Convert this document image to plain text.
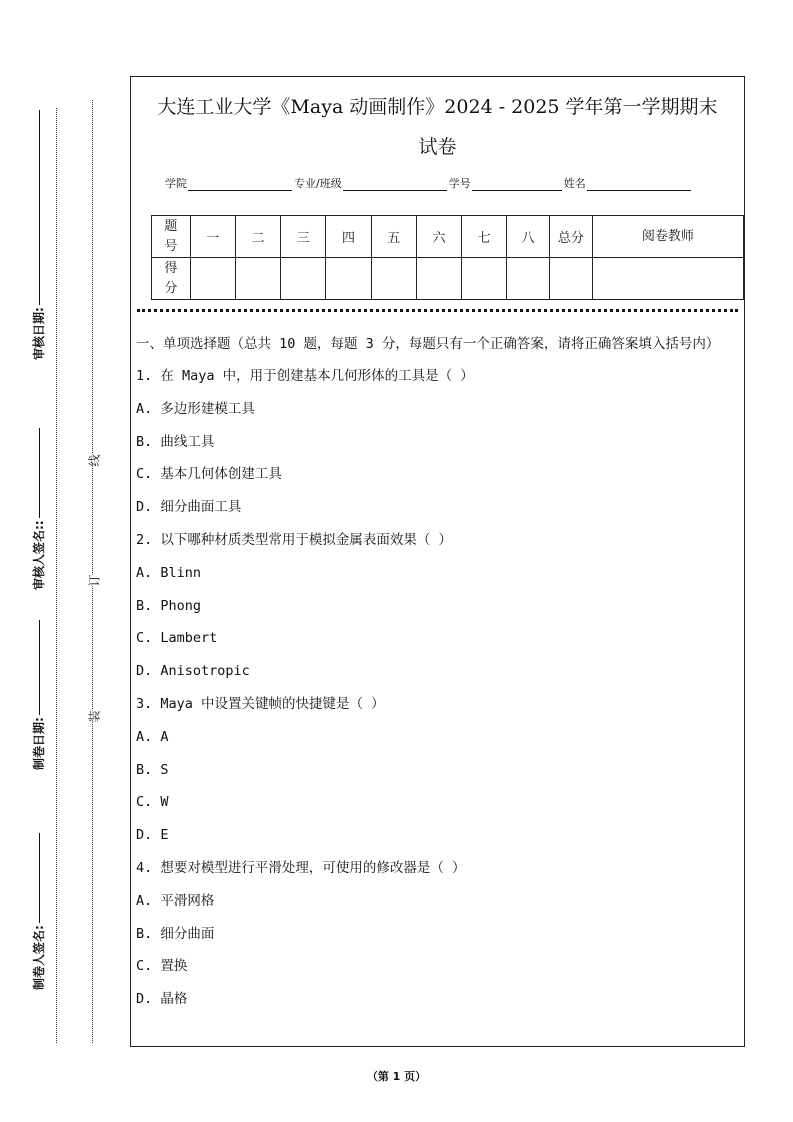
线
订
装
审核日期:
审核人签名::
制卷日期:
制卷人签名:
大连工业大学《Maya 动画制作》2024 - 2025 学年第一学期期末
试卷
学院	专业/班级	学号	姓名
题号	一	二	三	四	五	六	七	八	总分	阅卷教师
得分										
一、单项选择题（总共 10 题，每题 3 分，每题只有一个正确答案，请将正确答案填入括号内）
1. 在 Maya 中，用于创建基本几何形体的工具是（ ）
A. 多边形建模工具
B. 曲线工具
C. 基本几何体创建工具
D. 细分曲面工具
2. 以下哪种材质类型常用于模拟金属表面效果（ ）
A. Blinn
B. Phong
C. Lambert
D. Anisotropic
3. Maya 中设置关键帧的快捷键是（ ）
A. A
B. S
C. W
D. E
4. 想要对模型进行平滑处理，可使用的修改器是（ ）
A. 平滑网格
B. 细分曲面
C. 置换
D. 晶格
（第 1 页）
